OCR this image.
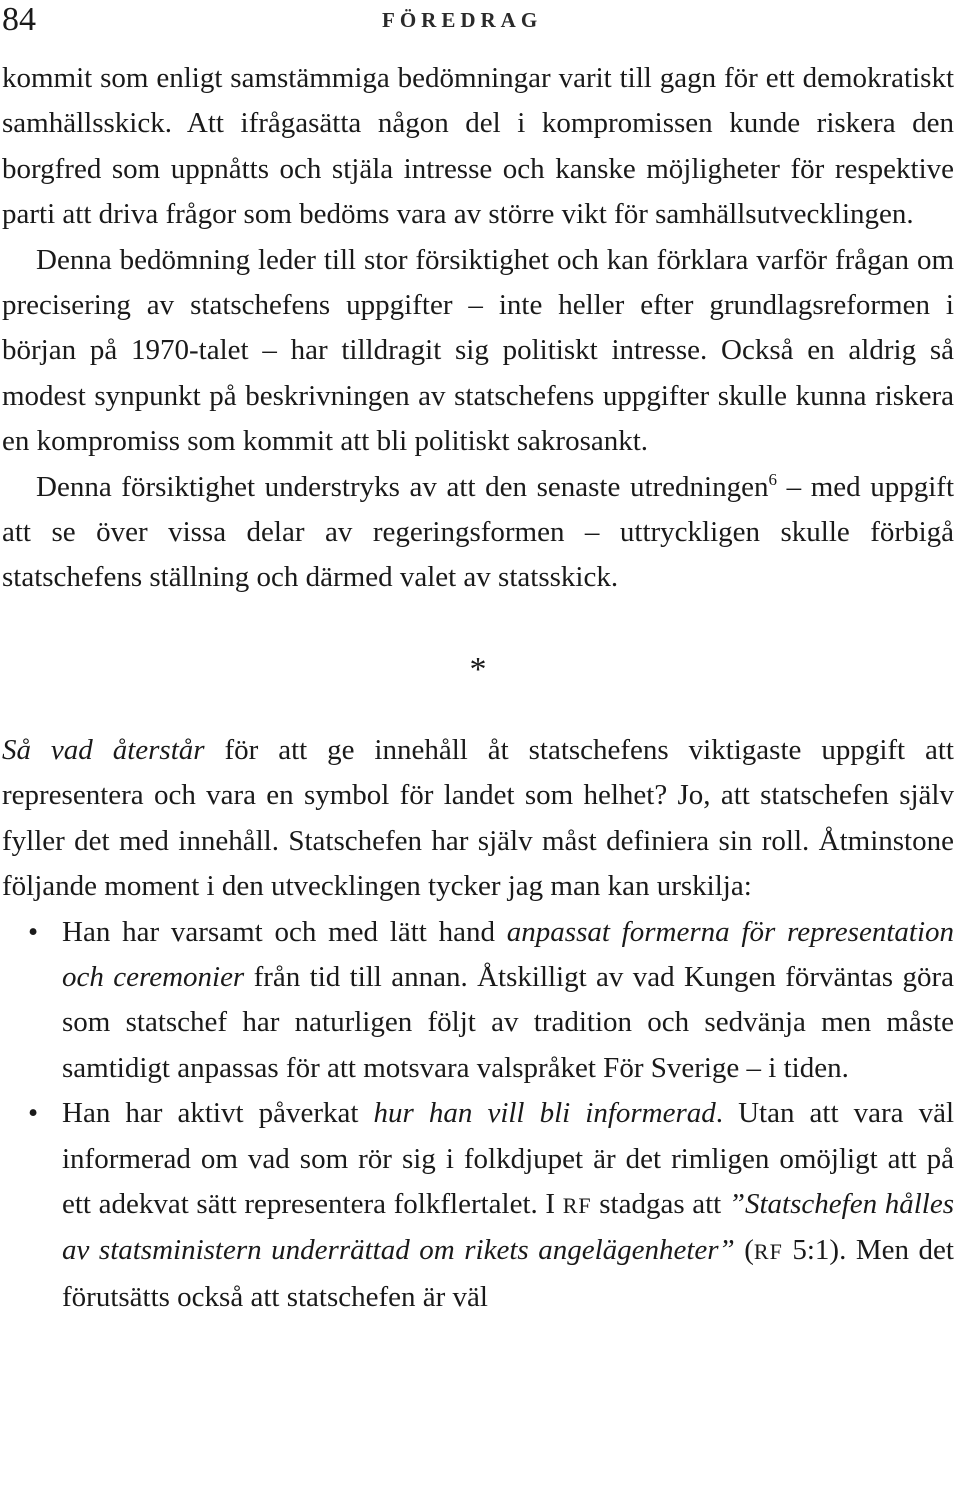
84	FÖREDRAG

kommit som enligt samstämmiga bedömningar varit till gagn för ett demokratiskt samhällsskick. Att ifrågasätta någon del i kompromissen kunde riskera den borgfred som uppnåtts och stjäla intresse och kanske möjligheter för respektive parti att driva frågor som bedöms vara av större vikt för samhällsutvecklingen.

Denna bedömning leder till stor försiktighet och kan förklara varför frågan om precisering av statschefens uppgifter – inte heller efter grundlagsreformen i början på 1970-talet – har tilldragit sig politiskt intresse. Också en aldrig så modest synpunkt på beskrivningen av statschefens uppgifter skulle kunna riskera en kompromiss som kommit att bli politiskt sakrosankt.

Denna försiktighet understryks av att den senaste utredningen$^6$ – med uppgift att se över vissa delar av regeringsformen – uttryckligen skulle förbigå statschefens ställning och därmed valet av statsskick.

*

Så vad återstår för att ge innehåll åt statschefens viktigaste uppgift att representera och vara en symbol för landet som helhet? Jo, att statschefen själv fyller det med innehåll. Statschefen har själv måst definiera sin roll. Åtminstone följande moment i den utvecklingen tycker jag man kan urskilja:

• Han har varsamt och med lätt hand anpassat formerna för representation och ceremonier från tid till annan. Åtskilligt av vad Kungen förväntas göra som statschef har naturligen följt av tradition och sedvänja men måste samtidigt anpassas för att motsvara valspråket För Sverige – i tiden.
• Han har aktivt påverkat hur han vill bli informerad. Utan att vara väl informerad om vad som rör sig i folkdjupet är det rimligen omöjligt att på ett adekvat sätt representera folkflertalet. I RF stadgas att ”Statschefen hålles av statsministern underrättad om rikets angelägenheter” (RF 5:1). Men det förutsätts också att statschefen är väl
